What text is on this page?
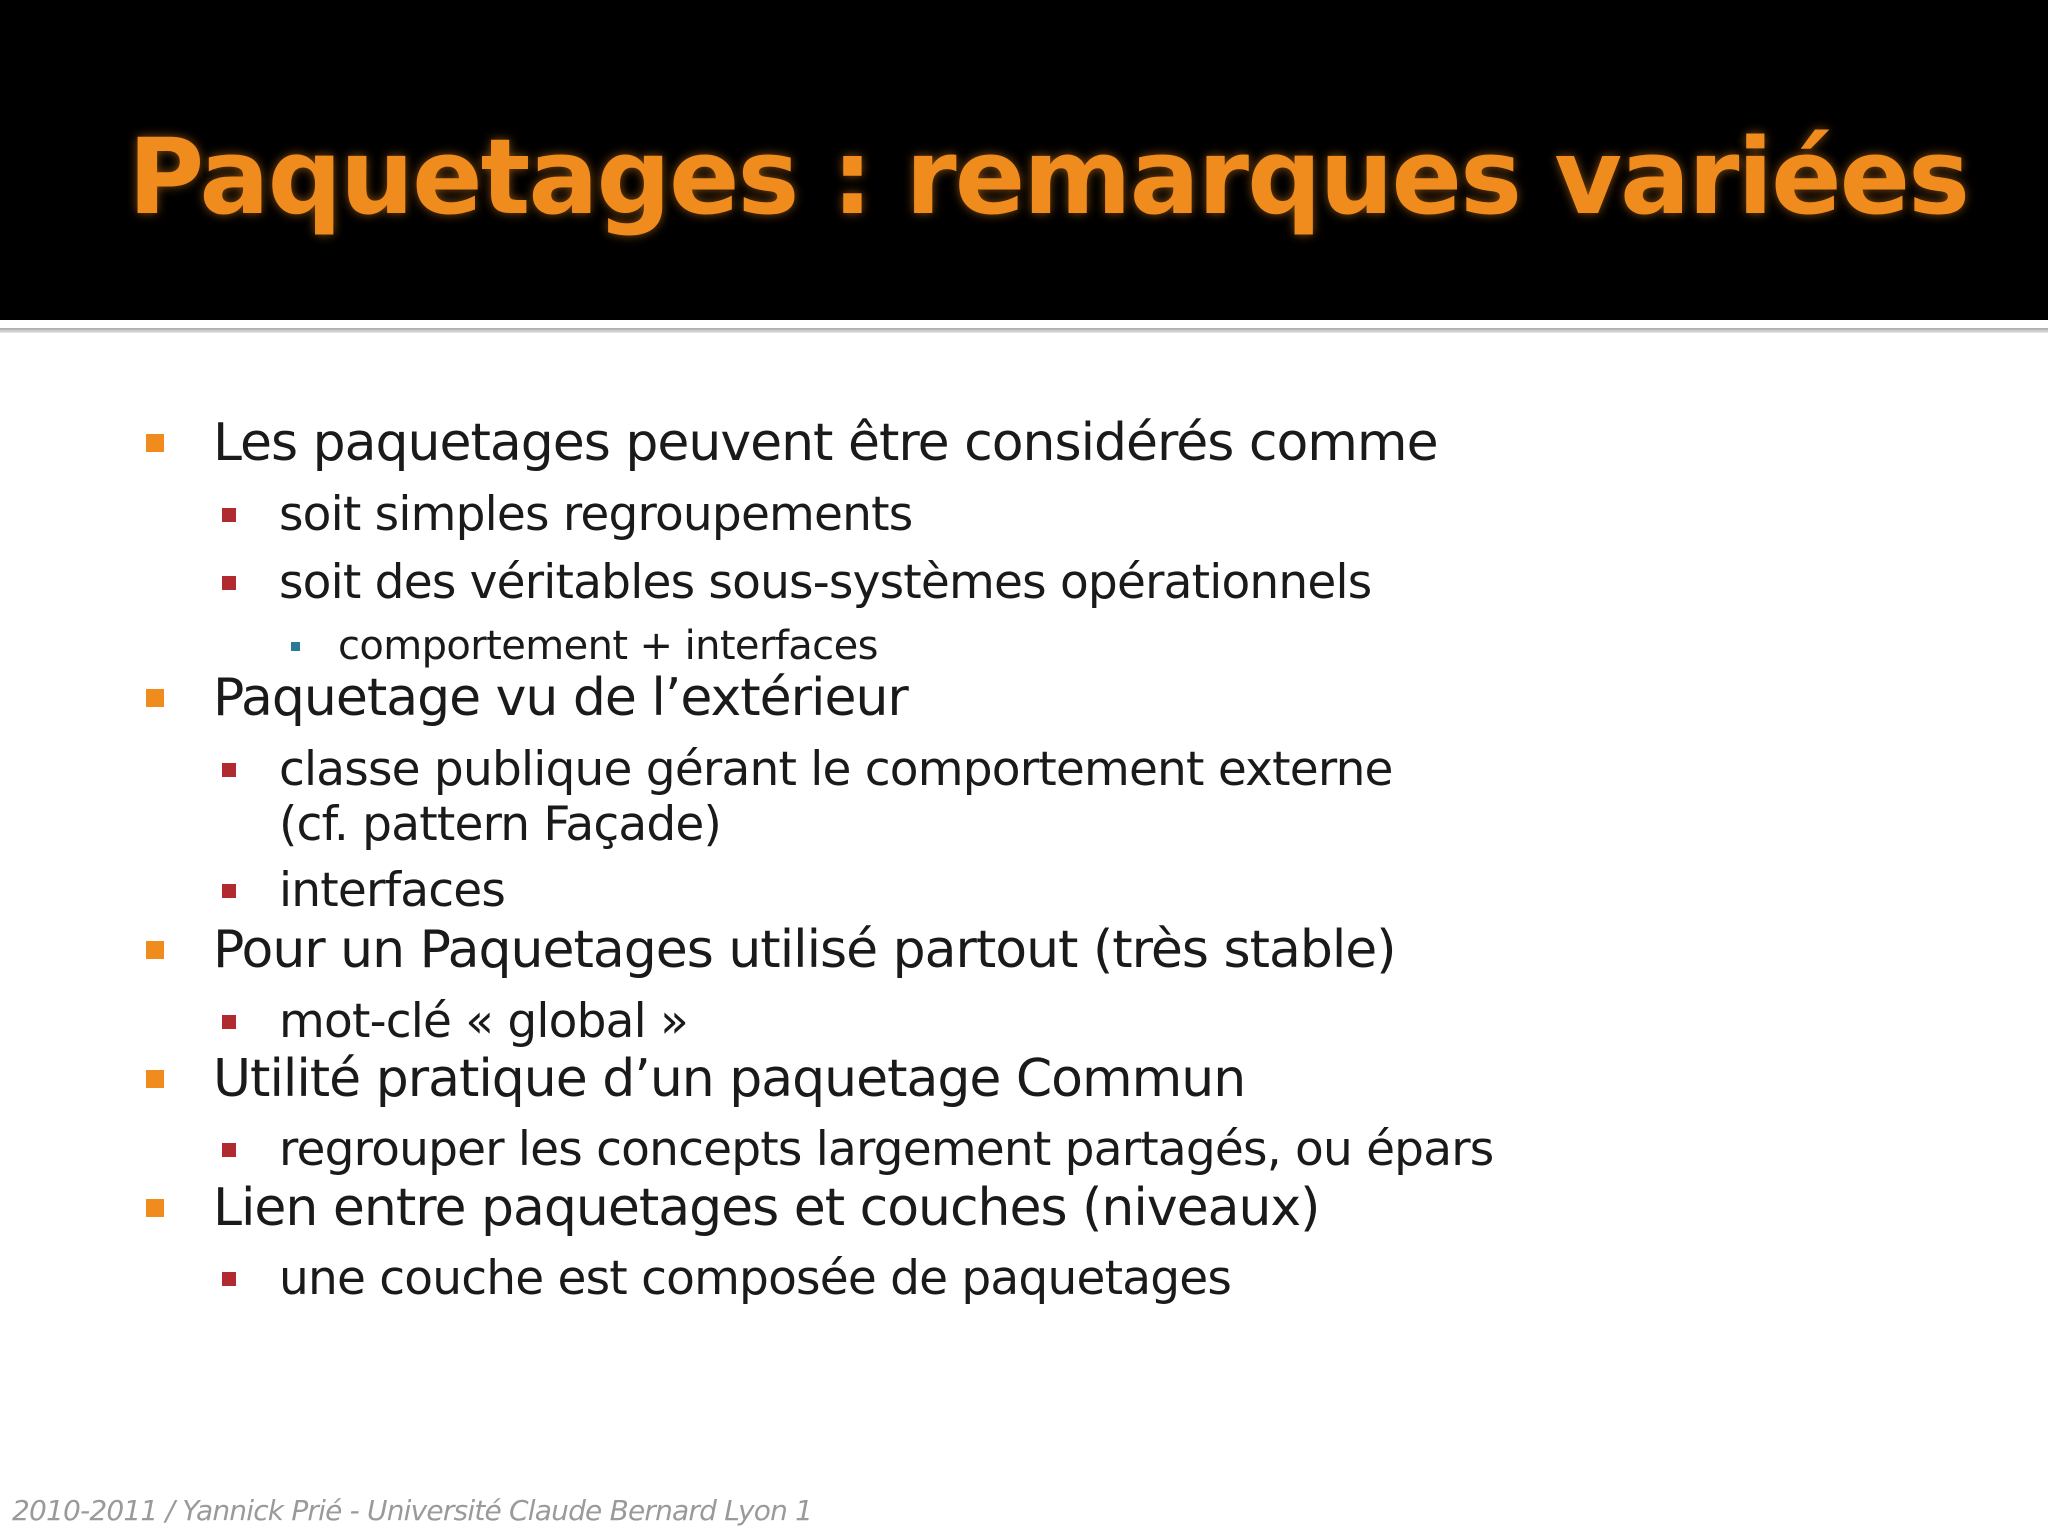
Paquetages : remarques variées
Les paquetages peuvent être considérés comme
soit simples regroupements
soit des véritables sous-systèmes opérationnels
comportement + interfaces
Paquetage vu de l’extérieur
classe publique gérant le comportement externe
(cf. pattern Façade)
interfaces
Pour un Paquetages utilisé partout (très stable)
mot-clé « global »
Utilité pratique d’un paquetage Commun
regrouper les concepts largement partagés, ou épars
Lien entre paquetages et couches (niveaux)
une couche est composée de paquetages
2010-2011 / Yannick Prié - Université Claude Bernard Lyon 1
